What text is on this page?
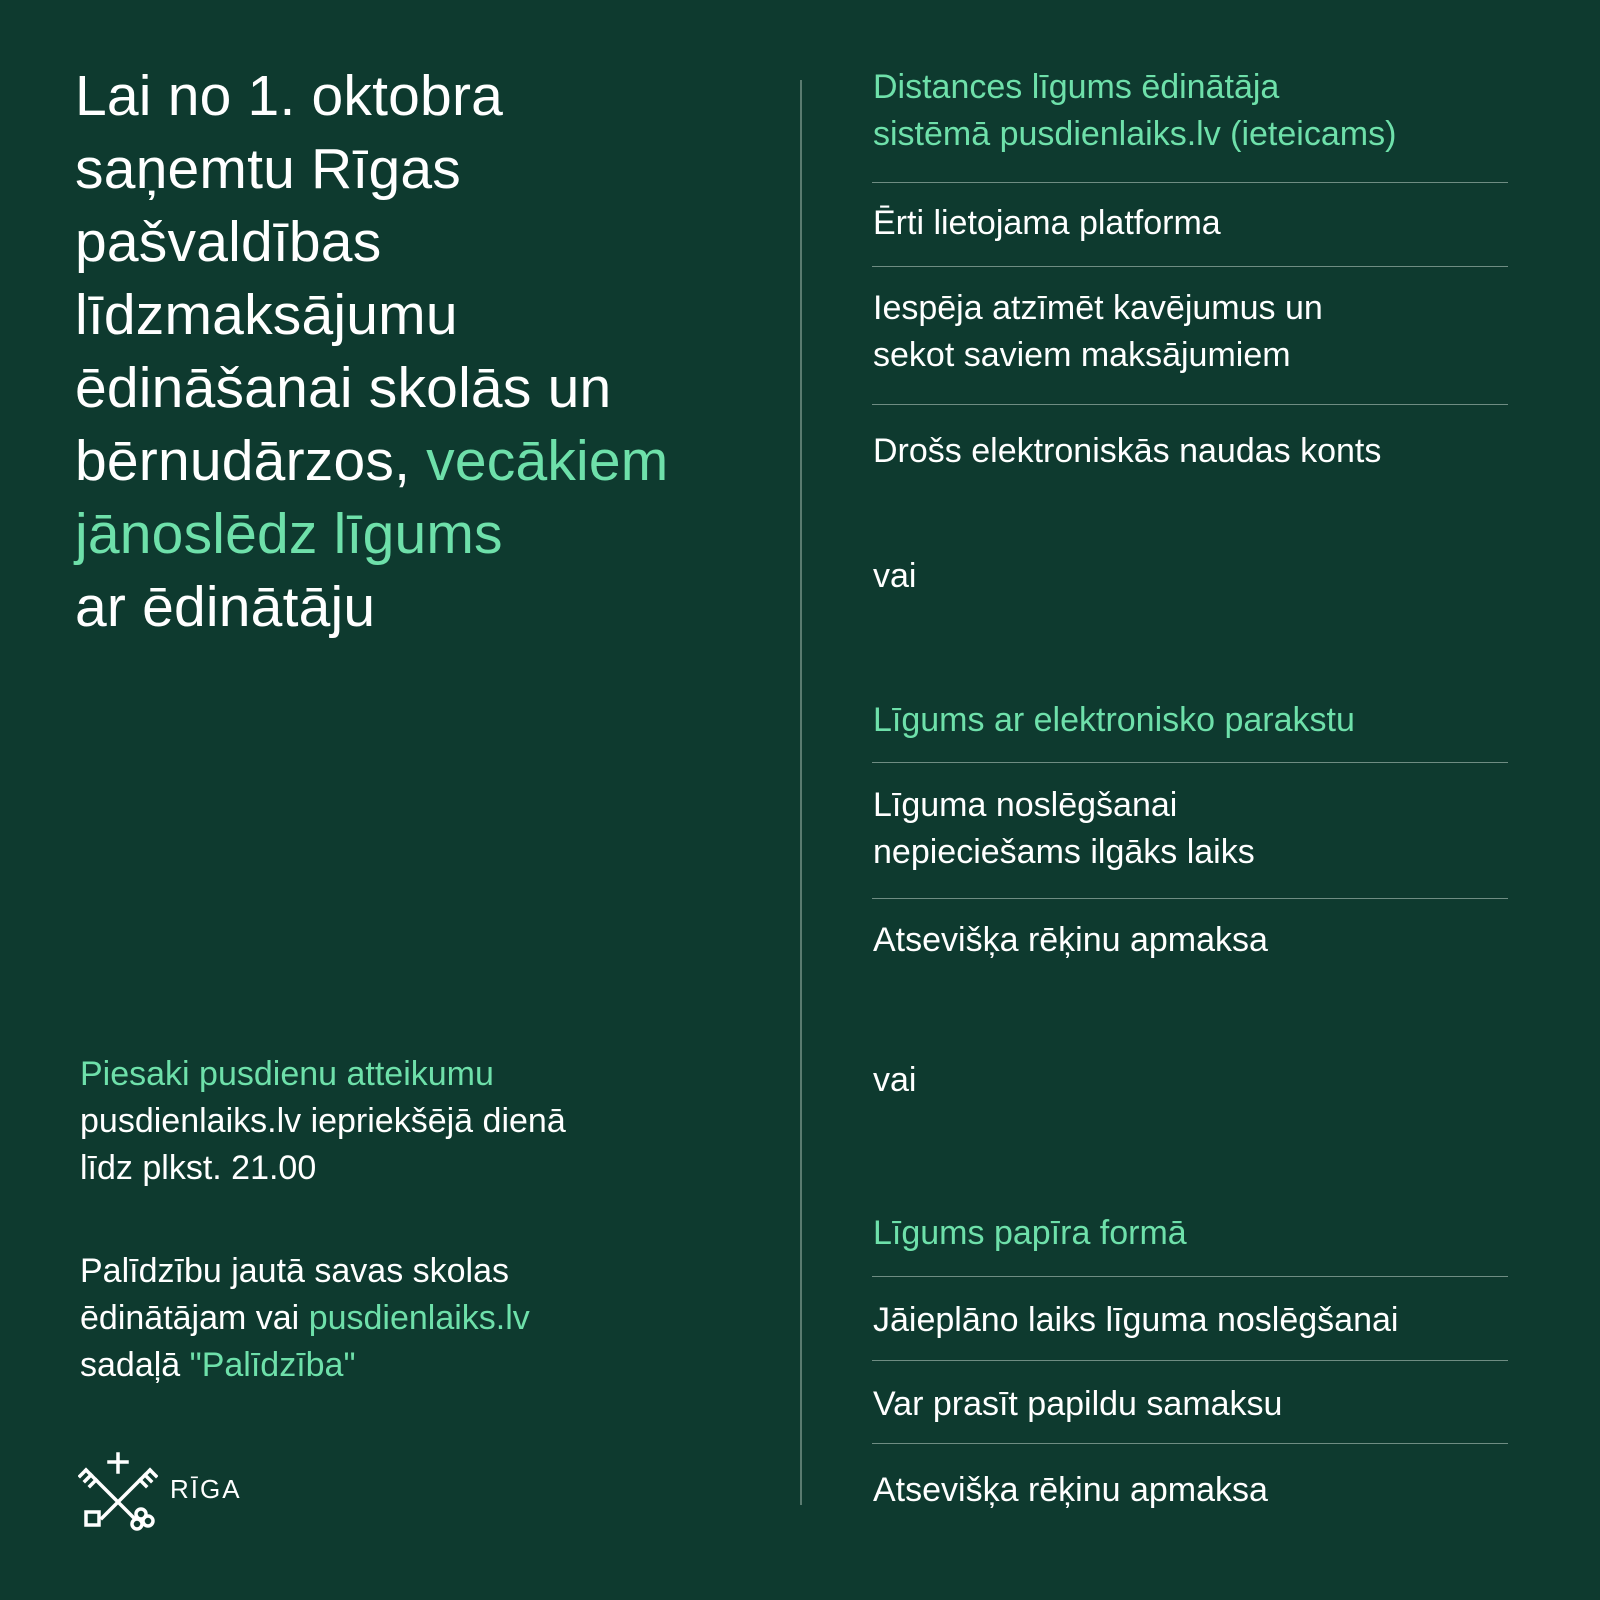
Lai no 1. oktobra
saņemtu Rīgas
pašvaldības
līdzmaksājumu
ēdināšanai skolās un
bērnudārzos, vecākiem
jānoslēdz līgums
ar ēdinātāju
Distances līgums ēdinātāja
sistēmā pusdienlaiks.lv (ieteicams)
Ērti lietojama platforma
Iespēja atzīmēt kavējumus un
sekot saviem maksājumiem
Drošs elektroniskās naudas konts
vai
Līgums ar elektronisko parakstu
Līguma noslēgšanai
nepieciešams ilgāks laiks
Atsevišķa rēķinu apmaksa
vai
Līgums papīra formā
Jāieplāno laiks līguma noslēgšanai
Var prasīt papildu samaksu
Atsevišķa rēķinu apmaksa
Piesaki pusdienu atteikumu
pusdienlaiks.lv iepriekšējā dienā
līdz plkst. 21.00
Palīdzību jautā savas skolas
ēdinātājam vai pusdienlaiks.lv
sadaļā "Palīdzība"
RĪGA
